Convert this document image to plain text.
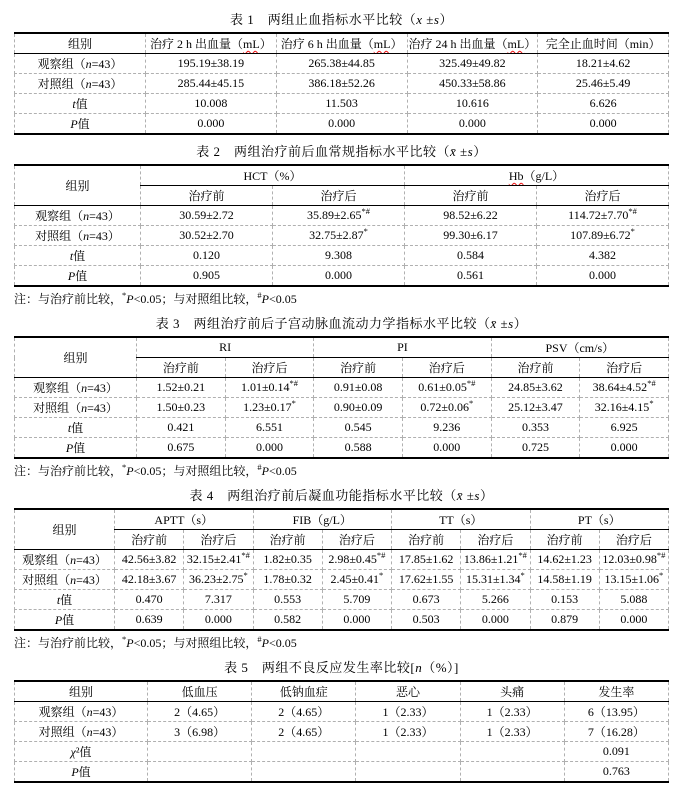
表 1　两组止血指标水平比较（x ±s）
组别	治疗 2 h 出血量（mL）	治疗 6 h 出血量（mL）	治疗 24 h 出血量（mL）	完全止血时间（min）
观察组（n=43）	195.19±38.19	265.38±44.85	325.49±49.82	18.21±4.62
对照组（n=43）	285.44±45.15	386.18±52.26	450.33±58.86	25.46±5.49
t值	10.008	11.503	10.616	6.626
P值	0.000	0.000	0.000	0.000
表 2　两组治疗前后血常规指标水平比较（x̄ ±s）
组别	HCT（%）		Hb（g/L）	
	治疗前	治疗后	治疗前	治疗后
观察组（n=43）	30.59±2.72	35.89±2.65*#	98.52±6.22	114.72±7.70*#
对照组（n=43）	30.52±2.70	32.75±2.87*	99.30±6.17	107.89±6.72*
t值	0.120	9.308	0.584	4.382
P值	0.905	0.000	0.561	0.000

注：与治疗前比较，*P<0.05；与对照组比较，#P<0.05

表 3　两组治疗前后子宫动脉血流动力学指标水平比较（x̄ ±s）
组别	RI		PI		PSV（cm/s）	
	治疗前	治疗后	治疗前	治疗后	治疗前	治疗后
观察组（n=43）	1.52±0.21	1.01±0.14*#	0.91±0.08	0.61±0.05*#	24.85±3.62	38.64±4.52*#
对照组（n=43）	1.50±0.23	1.23±0.17*	0.90±0.09	0.72±0.06*	25.12±3.47	32.16±4.15*
t值	0.421	6.551	0.545	9.236	0.353	6.925
P值	0.675	0.000	0.588	0.000	0.725	0.000

注：与治疗前比较，*P<0.05；与对照组比较，#P<0.05

表 4　两组治疗前后凝血功能指标水平比较（x̄ ±s）
组别	APTT（s）		FIB（g/L）		TT（s）		PT（s）	
	治疗前	治疗后	治疗前	治疗后	治疗前	治疗后	治疗前	治疗后
观察组（n=43）	42.56±3.82	32.15±2.41*#	1.82±0.35	2.98±0.45*#	17.85±1.62	13.86±1.21*#	14.62±1.23	12.03±0.98*#
对照组（n=43）	42.18±3.67	36.23±2.75*	1.78±0.32	2.45±0.41*	17.62±1.55	15.31±1.34*	14.58±1.19	13.15±1.06*
t值	0.470	7.317	0.553	5.709	0.673	5.266	0.153	5.088
P值	0.639	0.000	0.582	0.000	0.503	0.000	0.879	0.000

注：与治疗前比较，*P<0.05；与对照组比较，#P<0.05

表 5　两组不良反应发生率比较[n（%）]
组别	低血压	低钠血症	恶心	头痛	发生率
观察组（n=43）	2（4.65）	2（4.65）	1（2.33）	1（2.33）	6（13.95）
对照组（n=43）	3（6.98）	2（4.65）	1（2.33）	1（2.33）	7（16.28）
χ²值					0.091
P值					0.763
